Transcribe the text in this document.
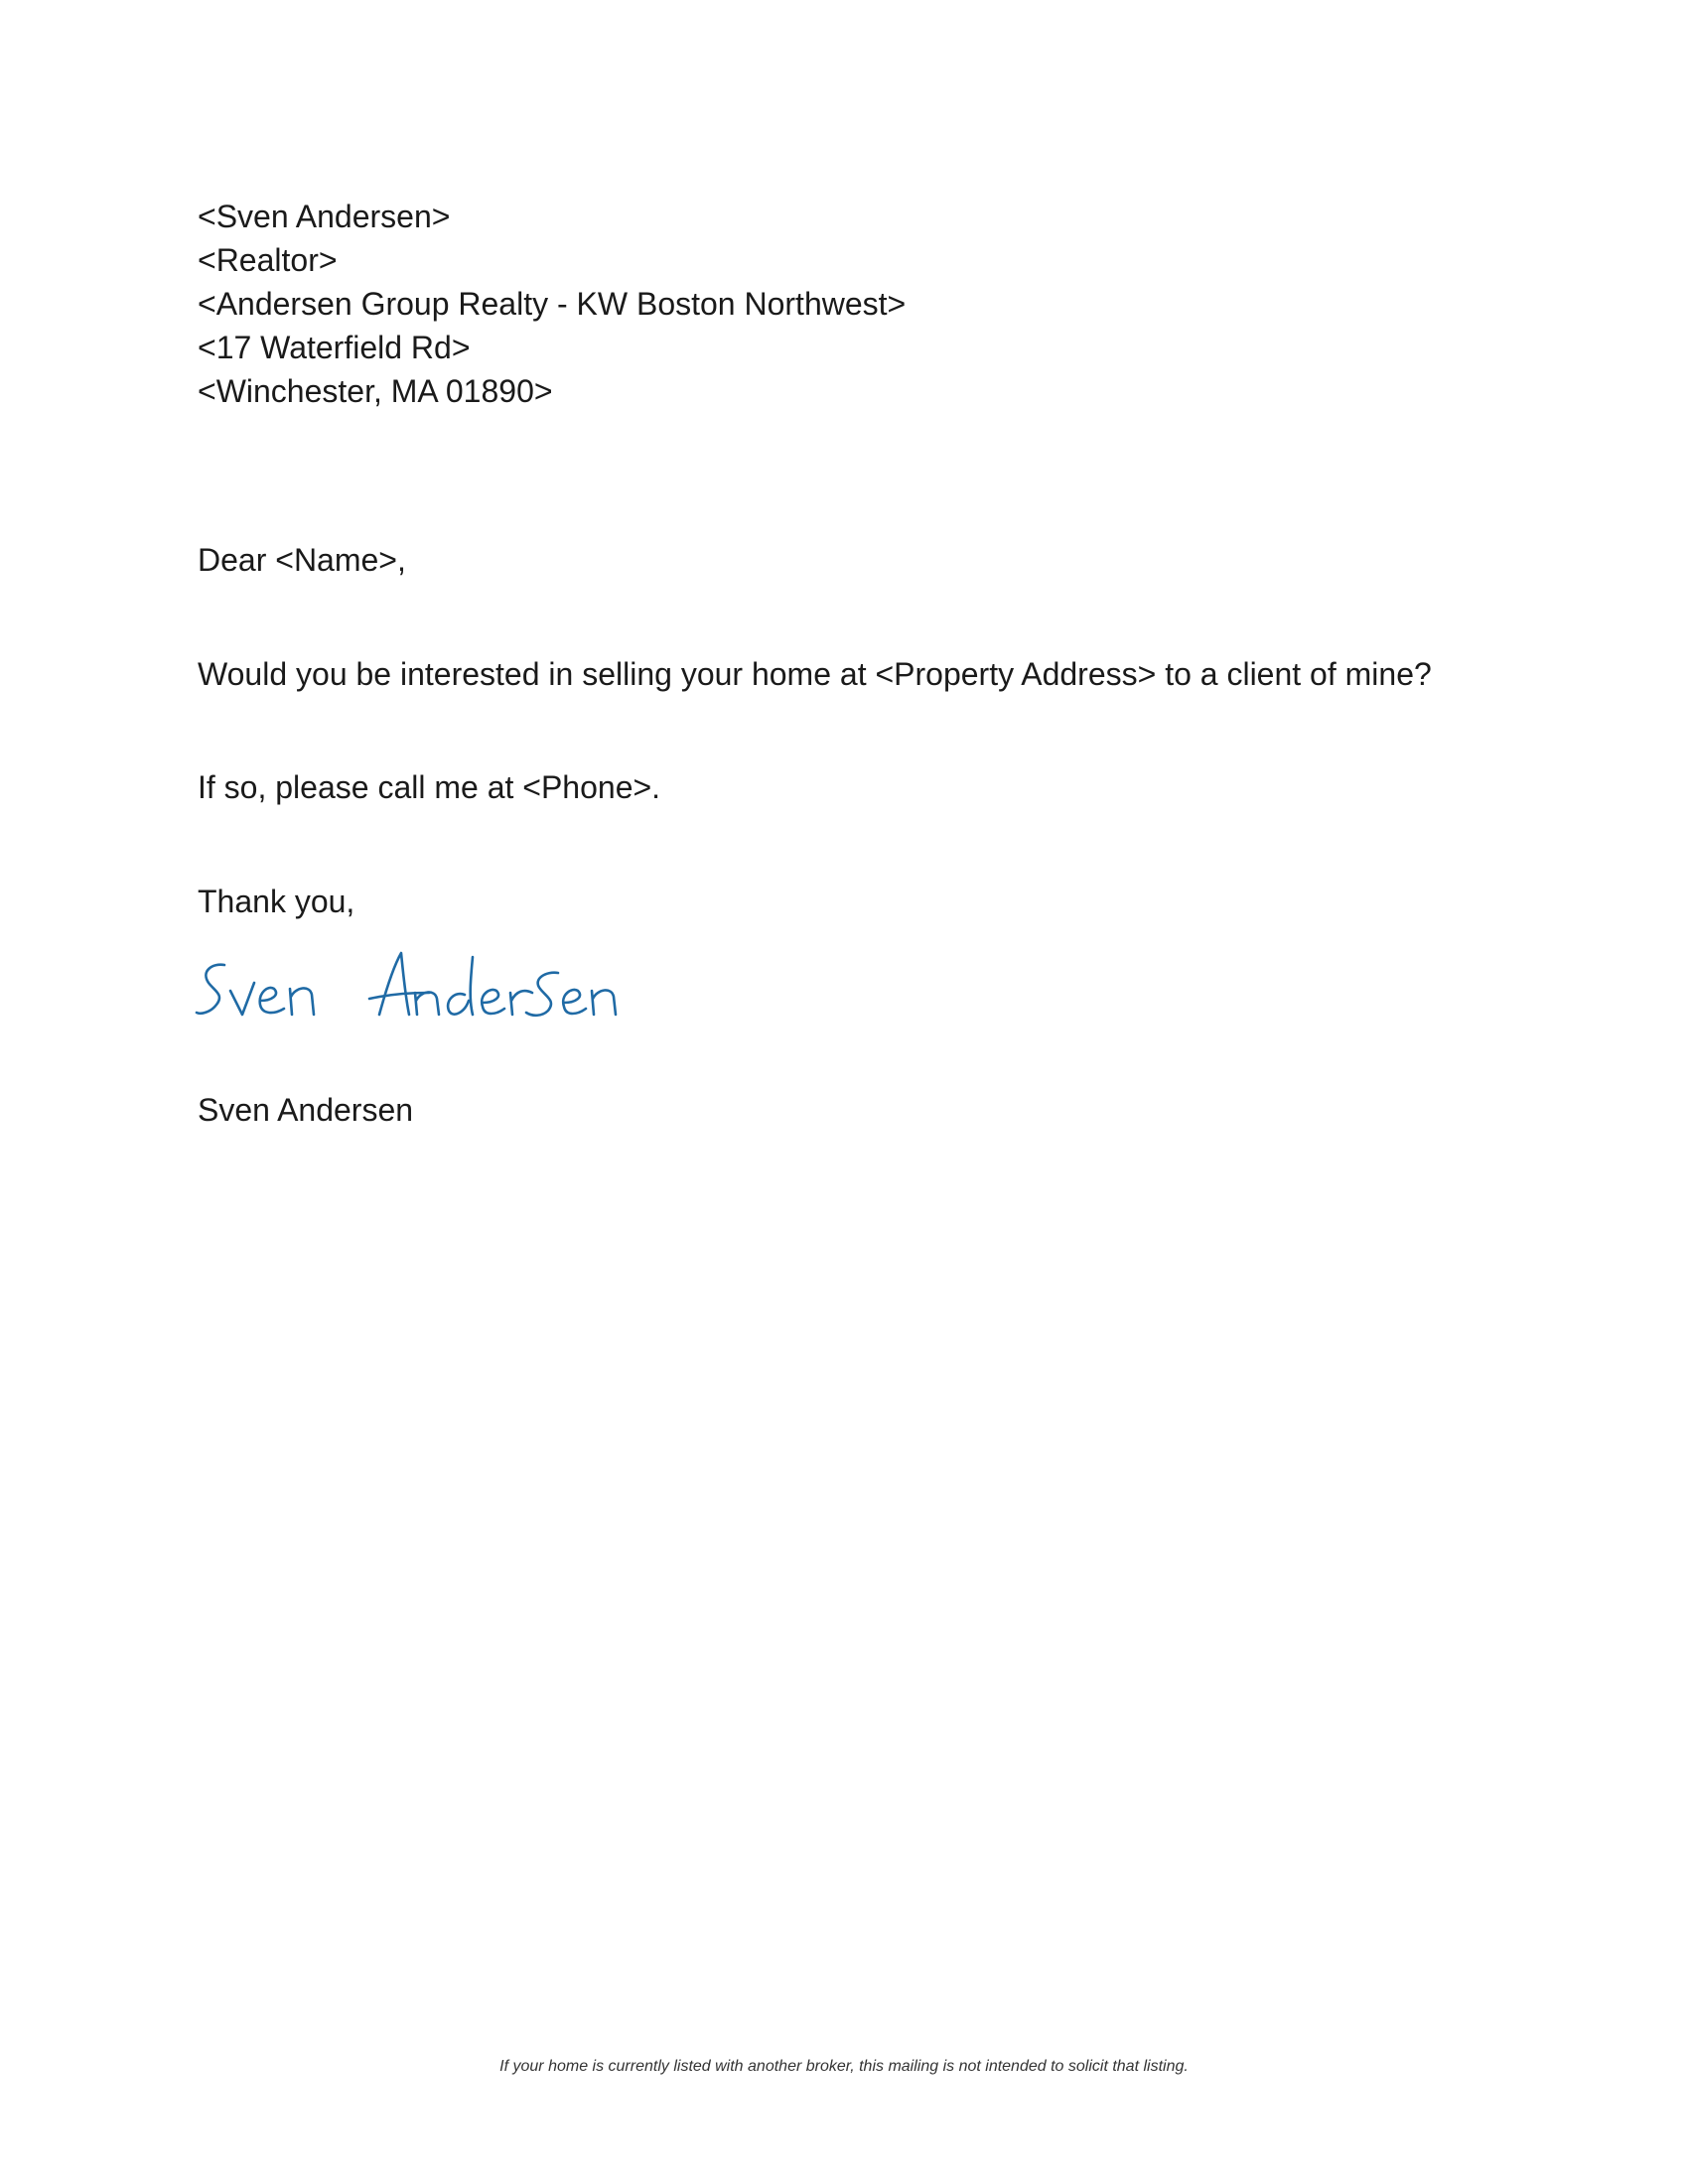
<Sven Andersen>
<Realtor>
<Andersen Group Realty - KW Boston Northwest>
<17 Waterfield Rd>
<Winchester, MA 01890>
Dear <Name>,
Would you be interested in selling your home at <Property Address> to a client of mine?
If so, please call me at <Phone>.
Thank you,
Sven Andersen
If your home is currently listed with another broker, this mailing is not intended to solicit that listing.
